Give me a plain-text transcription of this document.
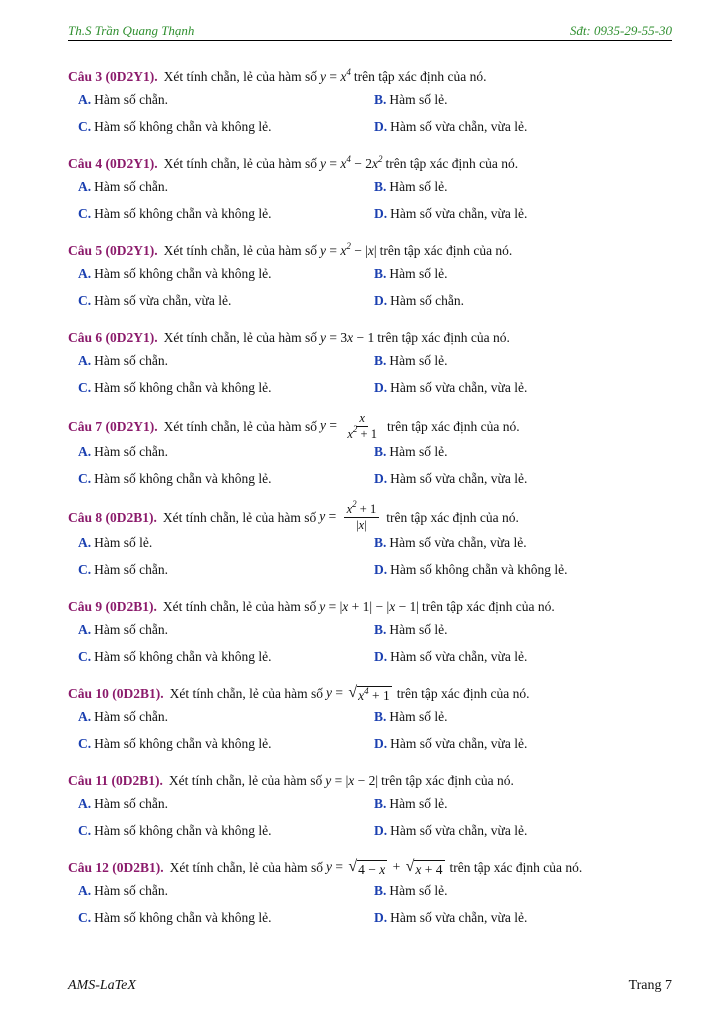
Th.S Trần Quang Thạnh	Sđt: 0935-29-55-30
Câu 3 (0D2Y1). Xét tính chẵn, lẻ của hàm số $y = x^4$ trên tập xác định của nó.
A. Hàm số chẵn.	B. Hàm số lẻ.
C. Hàm số không chẵn và không lẻ.	D. Hàm số vừa chẵn, vừa lẻ.
Câu 4 (0D2Y1). Xét tính chẵn, lẻ của hàm số $y = x^4 - 2x^2$ trên tập xác định của nó.
A. Hàm số chẵn.	B. Hàm số lẻ.
C. Hàm số không chẵn và không lẻ.	D. Hàm số vừa chẵn, vừa lẻ.
Câu 5 (0D2Y1). Xét tính chẵn, lẻ của hàm số $y = x^2 - |x|$ trên tập xác định của nó.
A. Hàm số không chẵn và không lẻ.	B. Hàm số lẻ.
C. Hàm số vừa chẵn, vừa lẻ.	D. Hàm số chẵn.
Câu 6 (0D2Y1). Xét tính chẵn, lẻ của hàm số y = 3x − 1 trên tập xác định của nó.
A. Hàm số chẵn.	B. Hàm số lẻ.
C. Hàm số không chẵn và không lẻ.	D. Hàm số vừa chẵn, vừa lẻ.
Câu 7 (0D2Y1). Xét tính chẵn, lẻ của hàm số $y = \frac{x}{x^2 + 1}$ trên tập xác định của nó.
A. Hàm số chẵn.	B. Hàm số lẻ.
C. Hàm số không chẵn và không lẻ.	D. Hàm số vừa chẵn, vừa lẻ.
Câu 8 (0D2B1). Xét tính chẵn, lẻ của hàm số $y = \frac{x^2 + 1}{|x|}$ trên tập xác định của nó.
A. Hàm số lẻ.	B. Hàm số vừa chẵn, vừa lẻ.
C. Hàm số chẵn.	D. Hàm số không chẵn và không lẻ.
Câu 9 (0D2B1). Xét tính chẵn, lẻ của hàm số y = |x + 1| − |x − 1| trên tập xác định của nó.
A. Hàm số chẵn.	B. Hàm số lẻ.
C. Hàm số không chẵn và không lẻ.	D. Hàm số vừa chẵn, vừa lẻ.
Câu 10 (0D2B1). Xét tính chẵn, lẻ của hàm số y = √ $x^4 + 1$ trên tập xác định của nó.
A. Hàm số chẵn.	B. Hàm số lẻ.
C. Hàm số không chẵn và không lẻ.	D. Hàm số vừa chẵn, vừa lẻ.
Câu 11 (0D2B1). Xét tính chẵn, lẻ của hàm số y = |x − 2| trên tập xác định của nó.
A. Hàm số chẵn.	B. Hàm số lẻ.
C. Hàm số không chẵn và không lẻ.	D. Hàm số vừa chẵn, vừa lẻ.
Câu 12 (0D2B1). Xét tính chẵn, lẻ của hàm số y = √ 4 − x + √ x + 4 trên tập xác định của nó.
A. Hàm số chẵn.	B. Hàm số lẻ.
C. Hàm số không chẵn và không lẻ.	D. Hàm số vừa chẵn, vừa lẻ.
AMS-LaTeX	Trang 7
